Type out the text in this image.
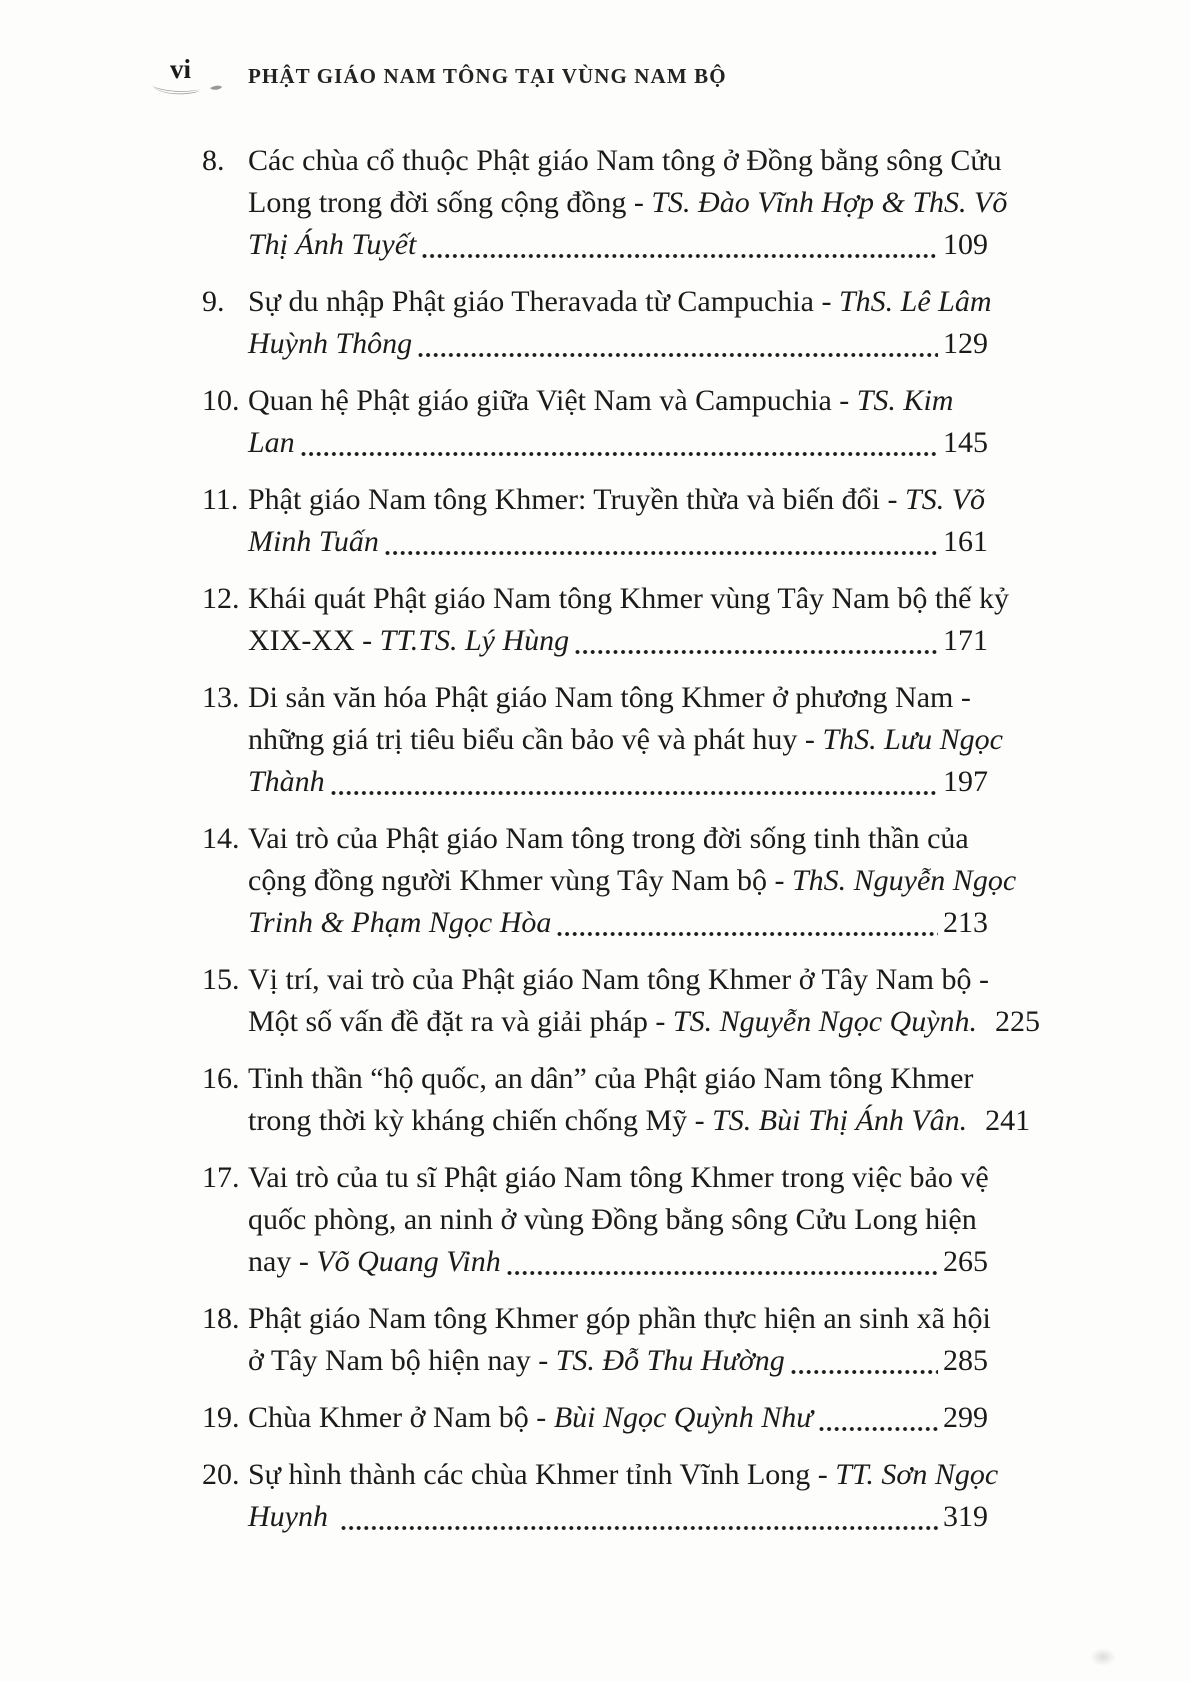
vi	PHẬT GIÁO NAM TÔNG TẠI VÙNG NAM BỘ
8. Các chùa cổ thuộc Phật giáo Nam tông ở Đồng bằng sông Cửu
Long trong đời sống cộng đồng - TS. Đào Vĩnh Hợp & ThS. Võ
Thị Ánh Tuyết	109
9. Sự du nhập Phật giáo Theravada từ Campuchia - ThS. Lê Lâm
Huỳnh Thông	129
10. Quan hệ Phật giáo giữa Việt Nam và Campuchia - TS. Kim
Lan	145
11. Phật giáo Nam tông Khmer: Truyền thừa và biến đổi - TS. Võ
Minh Tuấn	161
12. Khái quát Phật giáo Nam tông Khmer vùng Tây Nam bộ thế kỷ
XIX-XX - TT.TS. Lý Hùng	171
13. Di sản văn hóa Phật giáo Nam tông Khmer ở phương Nam -
những giá trị tiêu biểu cần bảo vệ và phát huy - ThS. Lưu Ngọc
Thành	197
14. Vai trò của Phật giáo Nam tông trong đời sống tinh thần của
cộng đồng người Khmer vùng Tây Nam bộ - ThS. Nguyễn Ngọc
Trinh & Phạm Ngọc Hòa	213
15. Vị trí, vai trò của Phật giáo Nam tông Khmer ở Tây Nam bộ -
Một số vấn đề đặt ra và giải pháp - TS. Nguyễn Ngọc Quỳnh. 225
16. Tinh thần “hộ quốc, an dân” của Phật giáo Nam tông Khmer
trong thời kỳ kháng chiến chống Mỹ - TS. Bùi Thị Ánh Vân. 241
17. Vai trò của tu sĩ Phật giáo Nam tông Khmer trong việc bảo vệ
quốc phòng, an ninh ở vùng Đồng bằng sông Cửu Long hiện
nay - Võ Quang Vinh	265
18. Phật giáo Nam tông Khmer góp phần thực hiện an sinh xã hội
ở Tây Nam bộ hiện nay - TS. Đỗ Thu Hường	285
19. Chùa Khmer ở Nam bộ - Bùi Ngọc Quỳnh Như	299
20. Sự hình thành các chùa Khmer tỉnh Vĩnh Long - TT. Sơn Ngọc
Huynh	319
